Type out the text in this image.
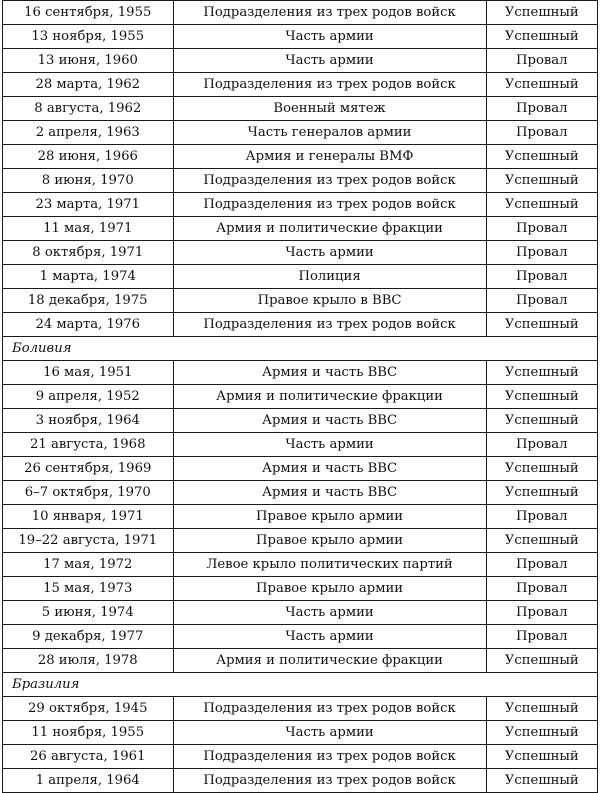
16 сентября, 1955	Подразделения из трех родов войск	Успешный
13 ноября, 1955	Часть армии	Успешный
13 июня, 1960	Часть армии	Провал
28 марта, 1962	Подразделения из трех родов войск	Успешный
8 августа, 1962	Военный мятеж	Провал
2 апреля, 1963	Часть генералов армии	Провал
28 июня, 1966	Армия и генералы ВМФ	Успешный
8 июня, 1970	Подразделения из трех родов войск	Успешный
23 марта, 1971	Подразделения из трех родов войск	Успешный
11 мая, 1971	Армия и политические фракции	Провал
8 октября, 1971	Часть армии	Провал
1 марта, 1974	Полиция	Провал
18 декабря, 1975	Правое крыло в ВВС	Провал
24 марта, 1976	Подразделения из трех родов войск	Успешный
Боливия		
16 мая, 1951	Армия и часть ВВС	Успешный
9 апреля, 1952	Армия и политические фракции	Успешный
3 ноября, 1964	Армия и часть ВВС	Успешный
21 августа, 1968	Часть армии	Провал
26 сентября, 1969	Армия и часть ВВС	Успешный
6–7 октября, 1970	Армия и часть ВВС	Успешный
10 января, 1971	Правое крыло армии	Провал
19–22 августа, 1971	Правое крыло армии	Успешный
17 мая, 1972	Левое крыло политических партий	Провал
15 мая, 1973	Правое крыло армии	Провал
5 июня, 1974	Часть армии	Провал
9 декабря, 1977	Часть армии	Провал
28 июля, 1978	Армия и политические фракции	Успешный
Бразилия		
29 октября, 1945	Подразделения из трех родов войск	Успешный
11 ноября, 1955	Часть армии	Успешный
26 августа, 1961	Подразделения из трех родов войск	Успешный
1 апреля, 1964	Подразделения из трех родов войск	Успешный
